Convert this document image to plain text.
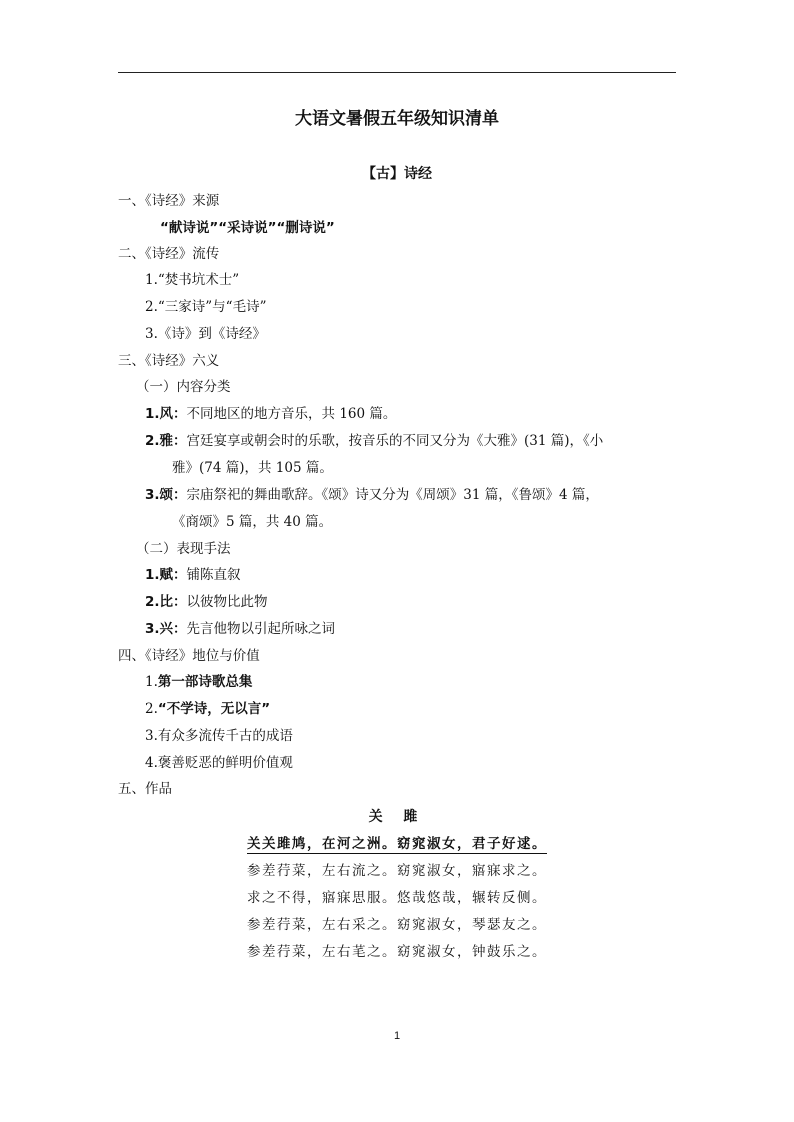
大语文暑假五年级知识清单
【古】诗经
一、《诗经》来源
“献诗说”“采诗说”“删诗说”
二、《诗经》流传
1.“焚书坑术士”
2.“三家诗”与“毛诗”
3.《诗》到《诗经》
三、《诗经》六义
（一）内容分类
1.风：不同地区的地方音乐，共 160 篇。
2.雅：宫廷宴享或朝会时的乐歌，按音乐的不同又分为《大雅》(31 篇)，《小
雅》(74 篇)，共 105 篇。
3.颂：宗庙祭祀的舞曲歌辞。《颂》诗又分为《周颂》31 篇，《鲁颂》4 篇，
《商颂》5 篇，共 40 篇。
（二）表现手法
1.赋：铺陈直叙
2.比：以彼物比此物
3.兴：先言他物以引起所咏之词
四、《诗经》地位与价值
1.第一部诗歌总集
2.“不学诗，无以言”
3.有众多流传千古的成语
4.褒善贬恶的鲜明价值观
五、作品
关 雎
关关雎鸠，在河之洲。窈窕淑女，君子好逑。
参差荇菜，左右流之。窈窕淑女，寤寐求之。
求之不得，寤寐思服。悠哉悠哉，辗转反侧。
参差荇菜，左右采之。窈窕淑女，琴瑟友之。
参差荇菜，左右芼之。窈窕淑女，钟鼓乐之。
1
